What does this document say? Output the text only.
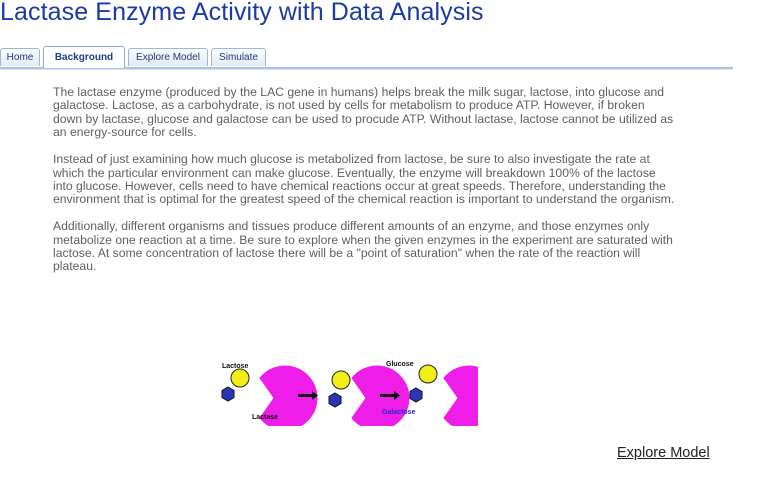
Lactase Enzyme Activity with Data Analysis
Home	Background	Explore Model	Simulate

The lactase enzyme (produced by the LAC gene in humans) helps break the milk sugar, lactose, into glucose and galactose. Lactose, as a carbohydrate, is not used by cells for metabolism to produce ATP. However, if broken down by lactase, glucose and galactose can be used to procude ATP. Without lactase, lactose cannot be utilized as an energy-source for cells.

Instead of just examining how much glucose is metabolized from lactose, be sure to also investigate the rate at which the particular environment can make glucose. Eventually, the enzyme will breakdown 100% of the lactose into glucose. However, cells need to have chemical reactions occur at great speeds. Therefore, understanding the environment that is optimal for the greatest speed of the chemical reaction is important to understand the organism.

Additionally, different organisms and tissues produce different amounts of an enzyme, and those enzymes only metabolize one reaction at a time. Be sure to explore when the given enzymes in the experiment are saturated with lactose. At some concentration of lactose there will be a "point of saturation" when the rate of the reaction will plateau.

Lactose
Lactase
Glucose
Galactose
Explore Model
